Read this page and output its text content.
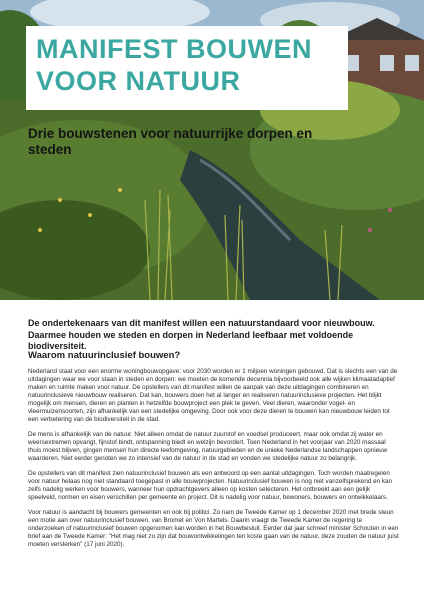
MANIFEST BOUWEN
VOOR NATUUR
Drie bouwstenen voor natuurrijke dorpen en steden
De ondertekenaars van dit manifest willen een natuurstandaard voor nieuwbouw. Daarmee houden we steden en dorpen in Nederland leefbaar met voldoende biodiversiteit.
Waarom natuurinclusief bouwen?

Nederland staat voor een enorme woningbouwopgave: voor 2030 worden er 1 miljoen woningen gebouwd. Dat is slechts een van de uitdagingen waar we voor staan in steden en dorpen: we moeten de komende decennia bijvoorbeeld ook alle wijken klimaatadaptief maken en ruimte maken voor natuur. De opstellers van dit manifest willen de aanpak van deze uitdagingen combineren en natuurinclusieve nieuwbouw realiseren. Dat kan, bouwers doen het al langer en realiseren natuurinclusieve projecten. Het blijkt mogelijk om mensen, dieren en planten in hetzelfde bouwproject een plek te geven. Veel dieren, waaronder vogel- en vleermuizensoorten, zijn afhankelijk van een stedelijke omgeving. Door ook voor deze dieren te bouwen kan nieuwbouw leiden tot een verbetering van de biodiversiteit in de stad.

De mens is afhankelijk van de natuur. Niet alleen omdat de natuur zuurstof en voedsel produceert, maar ook omdat zij water en weersextremen opvangt, fijnstof bindt, ontspanning biedt en welzijn bevordert. Toen Nederland in het voorjaar van 2020 massaal thuis moest blijven, gingen mensen hun directe leefomgeving, natuurgebieden en de unieke Nederlandse landschappen opnieuw waarderen. Niet eerder genoten we zo intensief van de natuur in de stad en vonden we stedelijke natuur zo belangrijk.

De opstellers van dit manifest zien natuurinclusief bouwen als een antwoord op een aantal uitdagingen. Toch worden maatregelen voor natuur helaas nog niet standaard toegepast in alle bouwprojecten. Natuurinclusief bouwen is nog niet vanzelfsprekend en kan zelfs nadelig werken voor bouwers, wanneer hun opdrachtgevers alleen op kosten selecteren. Het ontbreekt aan een gelijk speelveld, normen en eisen verschillen per gemeente en project. Dit is nadelig voor natuur, bewoners, bouwers en ontwikkelaars.

Voor natuur is aandacht bij bouwers gemeenten en ook bij politici. Zo nam de Tweede Kamer op 1 december 2020 met brede steun een motie aan over natuurinclusief bouwen, van Bromet en Von Martels. Daarin vraagt de Tweede Kamer de regering te onderzoeken of natuurinclusief bouwen opgenomen kan worden in het Bouwbesluit. Eerder dat jaar schreef minister Schouten in een brief aan de Tweede Kamer: "Het mag niet zo zijn dat bouwontwikkelingen ten koste gaan van de natuur, deze zouden de natuur juist moeten versterken" (17 juni 2020).
